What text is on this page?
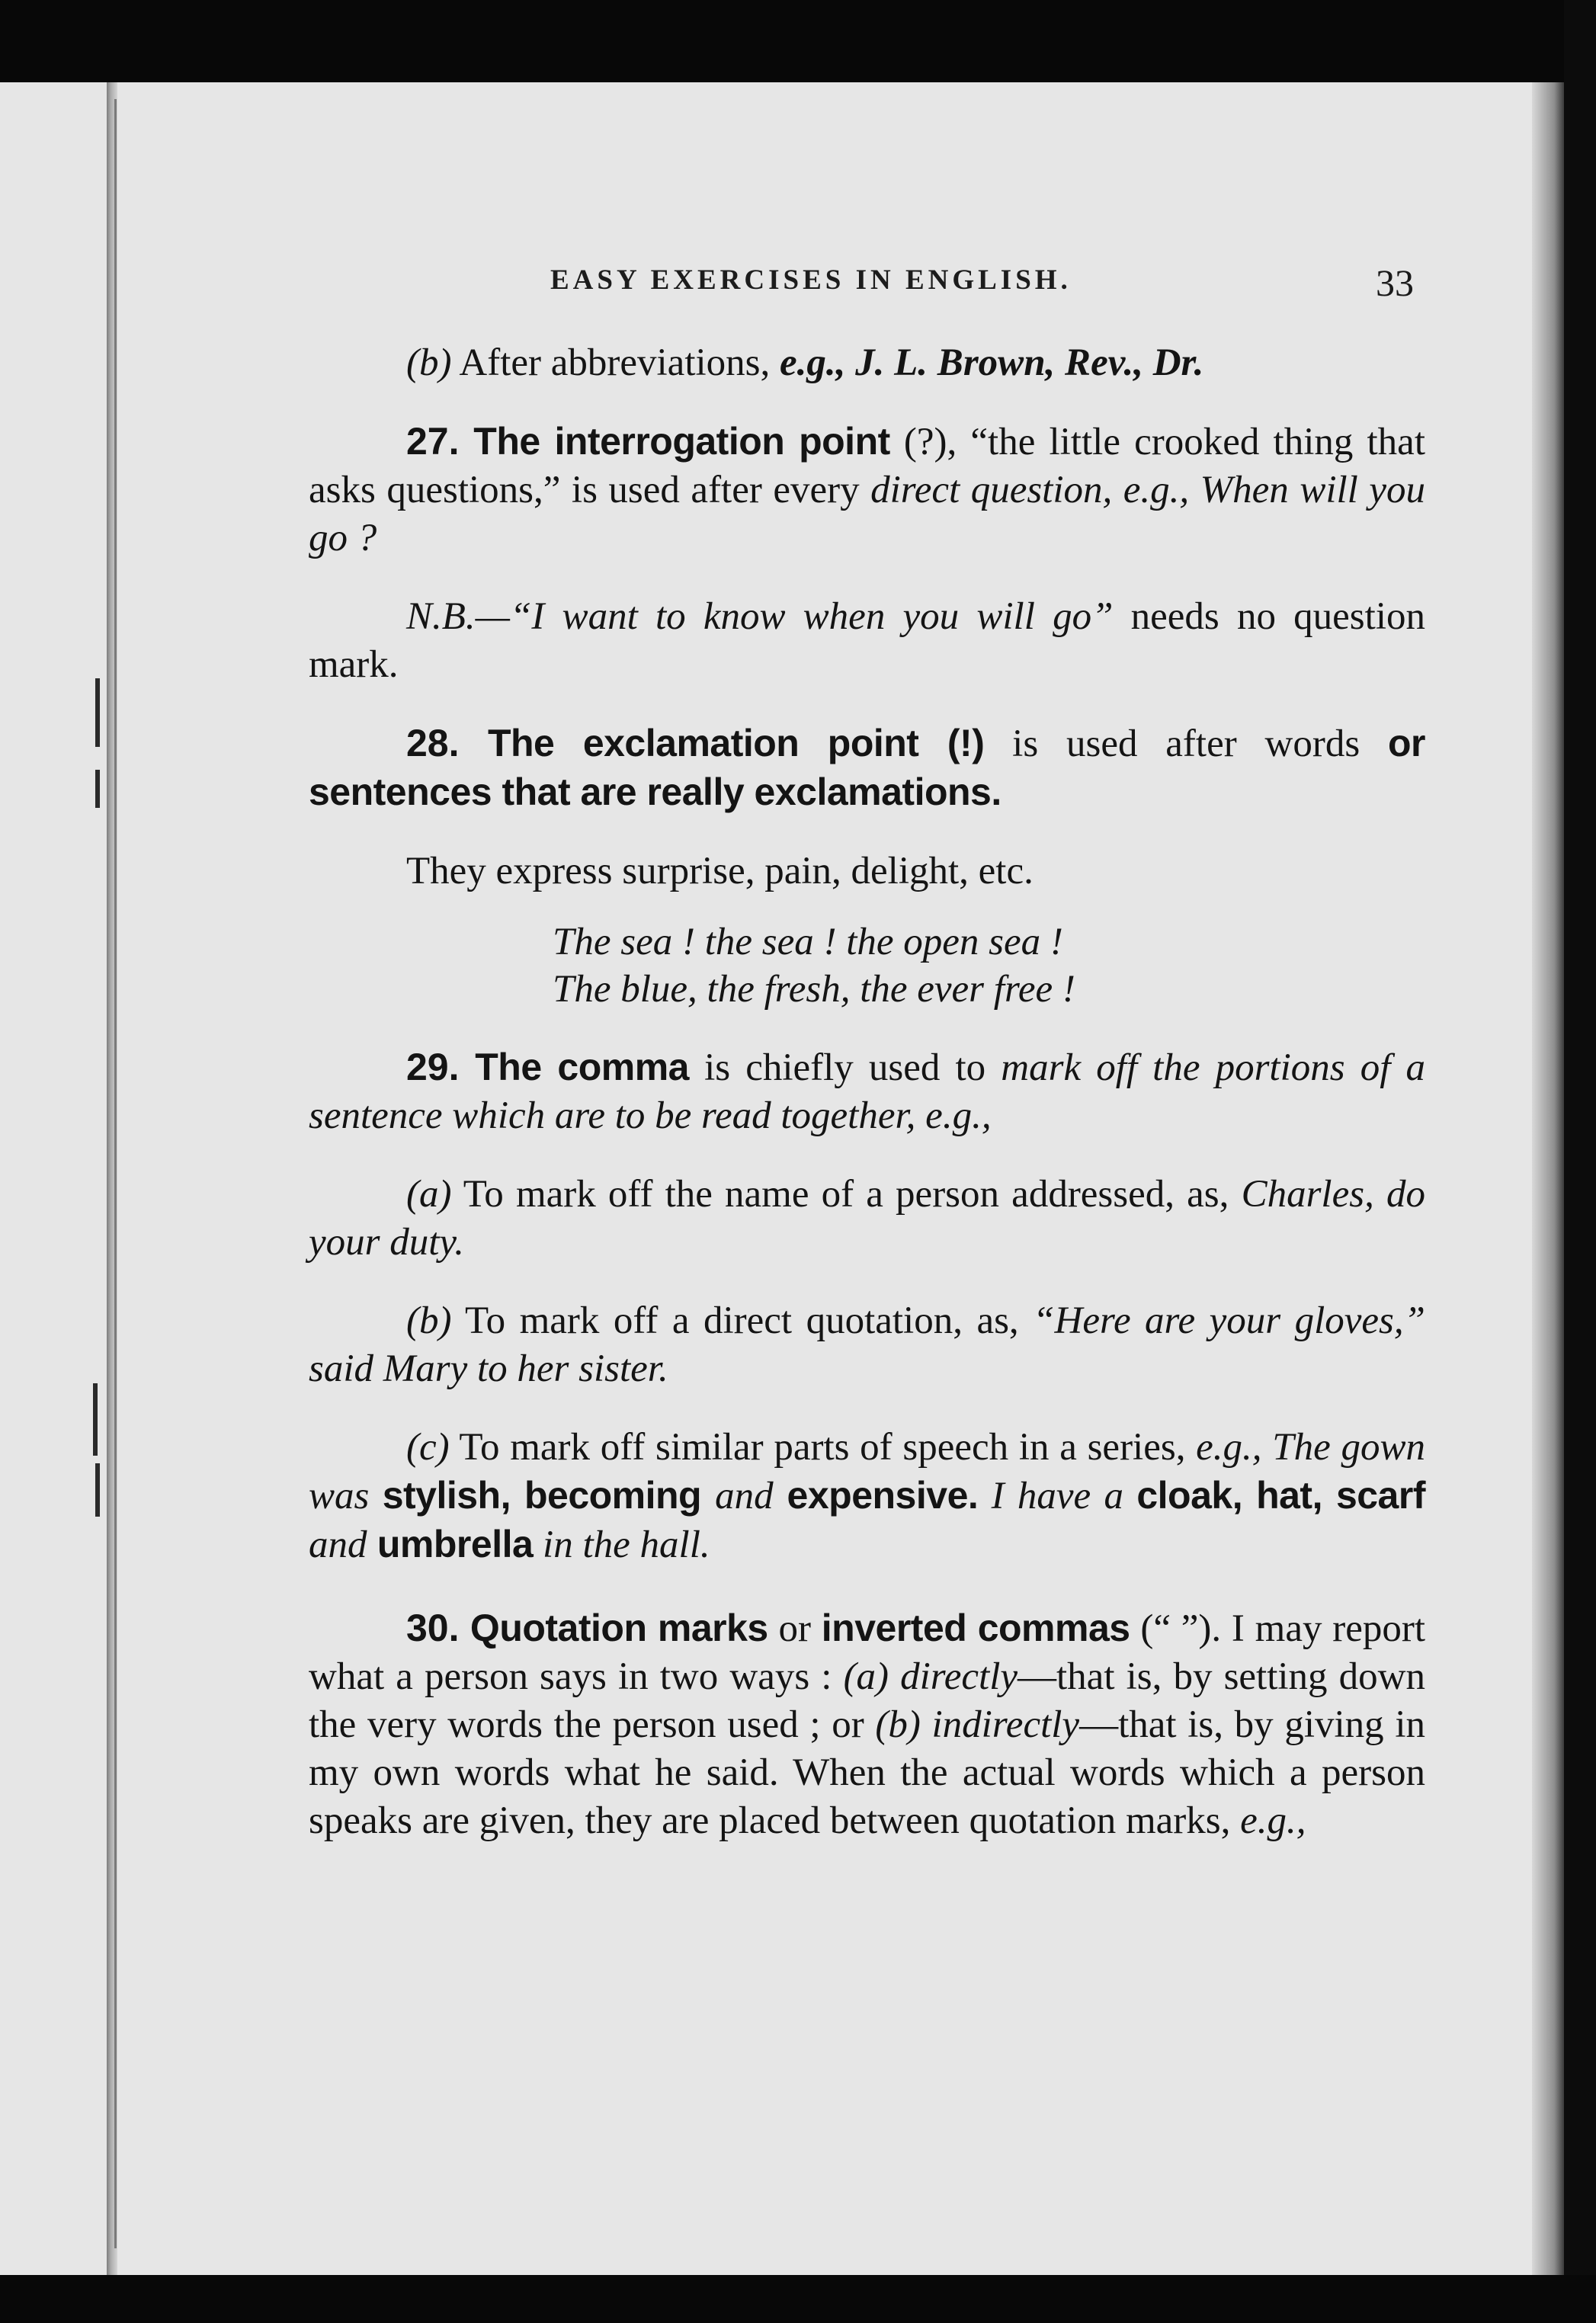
EASY EXERCISES IN ENGLISH.	33

(b) After abbreviations, e.g., J. L. Brown, Rev., Dr.

27. The interrogation point (?), “the little crooked thing that asks questions,” is used after every direct question, e.g., When will you go ?

N.B.—“I want to know when you will go” needs no question mark.

28. The exclamation point (!) is used after words or sentences that are really exclamations.

They express surprise, pain, delight, etc.

The sea ! the sea ! the open sea !
The blue, the fresh, the ever free !

29. The comma is chiefly used to mark off the portions of a sentence which are to be read together, e.g.,

(a) To mark off the name of a person addressed, as, Charles, do your duty.

(b) To mark off a direct quotation, as, “Here are your gloves,” said Mary to her sister.

(c) To mark off similar parts of speech in a series, e.g., The gown was stylish, becoming and expensive. I have a cloak, hat, scarf and umbrella in the hall.

30. Quotation marks or inverted commas (“ ”). I may report what a person says in two ways : (a) directly—that is, by setting down the very words the person used ; or (b) indirectly—that is, by giving in my own words what he said. When the actual words which a person speaks are given, they are placed between quotation marks, e.g.,
